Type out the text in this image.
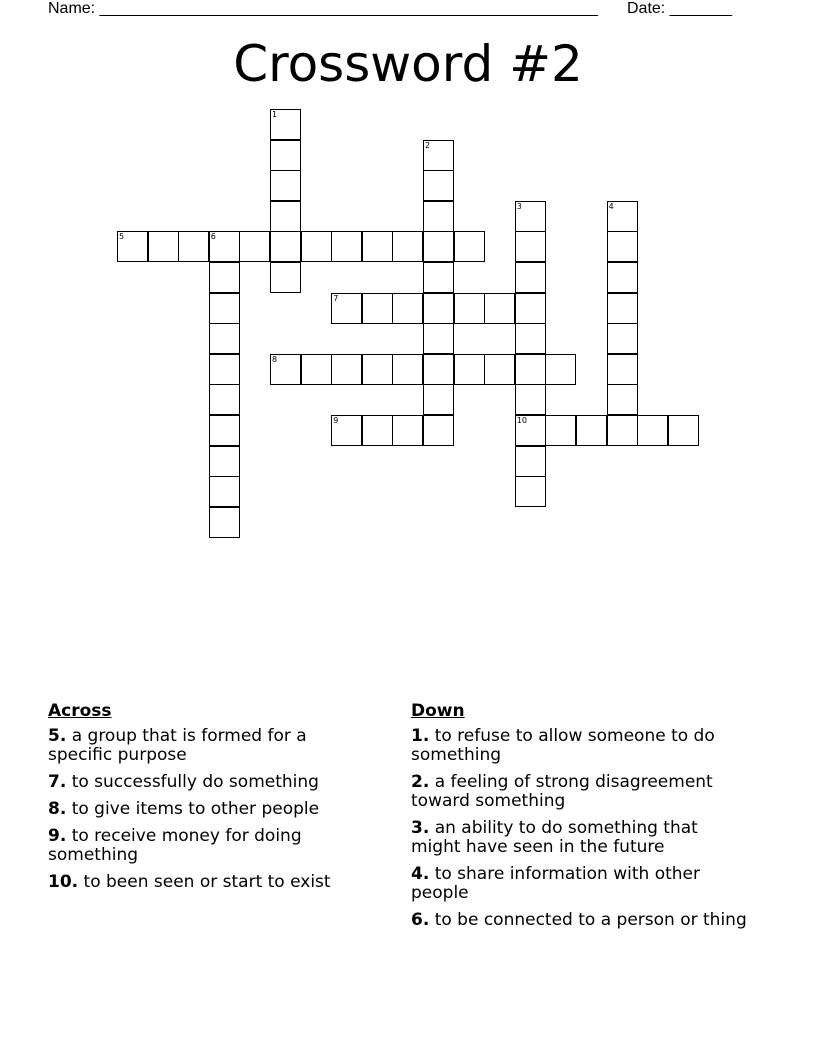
Name: ________________________________________________________ Date: _______
Crossword #2
1
2
3
10
4
5	6
7
8
9
Across
5. a group that is formed for a specific purpose
7. to successfully do something
8. to give items to other people
9. to receive money for doing something
10. to been seen or start to exist
Down
1. to refuse to allow someone to do something
2. a feeling of strong disagreement toward something
3. an ability to do something that might have seen in the future
4. to share information with other people
6. to be connected to a person or thing
